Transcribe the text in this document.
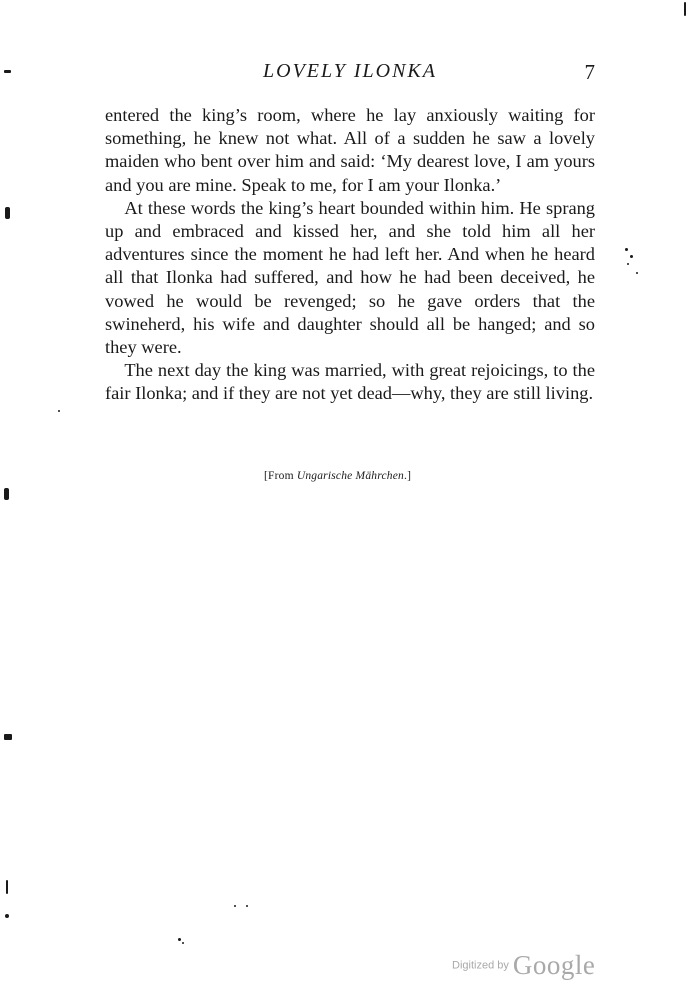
LOVELY ILONKA	7

entered the king’s room, where he lay anxiously waiting for something, he knew not what. All of a sudden he saw a lovely maiden who bent over him and said: ‘My dearest love, I am yours and you are mine. Speak to me, for I am your Ilonka.’

At these words the king’s heart bounded within him. He sprang up and embraced and kissed her, and she told him all her adventures since the moment he had left her. And when he heard all that Ilonka had suffered, and how he had been deceived, he vowed he would be revenged; so he gave orders that the swineherd, his wife and daughter should all be hanged; and so they were.

The next day the king was married, with great rejoicings, to the fair Ilonka; and if they are not yet dead—why, they are still living.

[From Ungarische Mährchen.]
Digitized by Google
